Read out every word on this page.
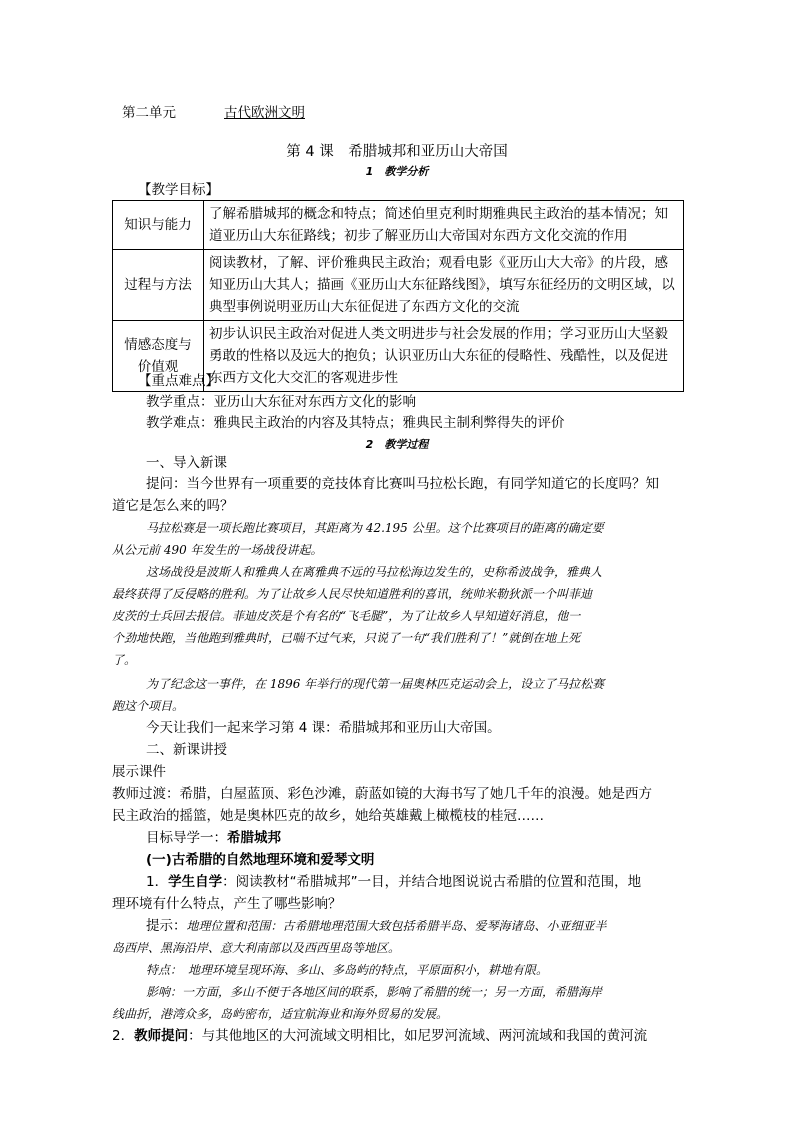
第二单元	古代欧洲文明
第 4 课　希腊城邦和亚历山大帝国
1　教学分析
【教学目标】
知识与能力	了解希腊城邦的概念和特点；简述伯里克利时期雅典民主政治的基本情况；知道亚历山大东征路线；初步了解亚历山大帝国对东西方文化交流的作用
过程与方法	阅读教材，了解、评价雅典民主政治；观看电影《亚历山大大帝》的片段，感知亚历山大其人；描画《亚历山大东征路线图》，填写东征经历的文明区域，以典型事例说明亚历山大东征促进了东西方文化的交流
情感态度与价值观	初步认识民主政治对促进人类文明进步与社会发展的作用；学习亚历山大坚毅勇敢的性格以及远大的抱负；认识亚历山大东征的侵略性、残酷性，以及促进东西方文化大交汇的客观进步性
【重点难点】
教学重点：亚历山大东征对东西方文化的影响
教学难点：雅典民主政治的内容及其特点；雅典民主制利弊得失的评价
2　教学过程
一、导入新课
提问：当今世界有一项重要的竞技体育比赛叫马拉松长跑，有同学知道它的长度吗？知
道它是怎么来的吗？
马拉松赛是一项长跑比赛项目，其距离为 42.195 公里。这个比赛项目的距离的确定要
从公元前 490 年发生的一场战役讲起。
这场战役是波斯人和雅典人在离雅典不远的马拉松海边发生的，史称希波战争，雅典人
最终获得了反侵略的胜利。为了让故乡人民尽快知道胜利的喜讯，统帅米勒狄派一个叫菲迪
皮茨的士兵回去报信。菲迪皮茨是个有名的“飞毛腿”，为了让故乡人早知道好消息，他一
个劲地快跑，当他跑到雅典时，已喘不过气来，只说了一句“我们胜利了！”就倒在地上死
了。
为了纪念这一事件，在 1896 年举行的现代第一届奥林匹克运动会上，设立了马拉松赛
跑这个项目。
今天让我们一起来学习第 4 课：希腊城邦和亚历山大帝国。
二、新课讲授
展示课件
教师过渡：希腊，白屋蓝顶、彩色沙滩，蔚蓝如镜的大海书写了她几千年的浪漫。她是西方
民主政治的摇篮，她是奥林匹克的故乡，她给英雄戴上橄榄枝的桂冠……
目标导学一：希腊城邦
(一)古希腊的自然地理环境和爱琴文明
1．学生自学：阅读教材“希腊城邦”一目，并结合地图说说古希腊的位置和范围，地
理环境有什么特点，产生了哪些影响？
提示：地理位置和范围：古希腊地理范围大致包括希腊半岛、爱琴海诸岛、小亚细亚半
岛西岸、黑海沿岸、意大利南部以及西西里岛等地区。
特点：　地理环境呈现环海、多山、多岛屿的特点，平原面积小，耕地有限。
影响：一方面，多山不便于各地区间的联系，影响了希腊的统一；另一方面，希腊海岸
线曲折，港湾众多，岛屿密布，适宜航海业和海外贸易的发展。
2．教师提问：与其他地区的大河流域文明相比，如尼罗河流域、两河流域和我国的黄河流
